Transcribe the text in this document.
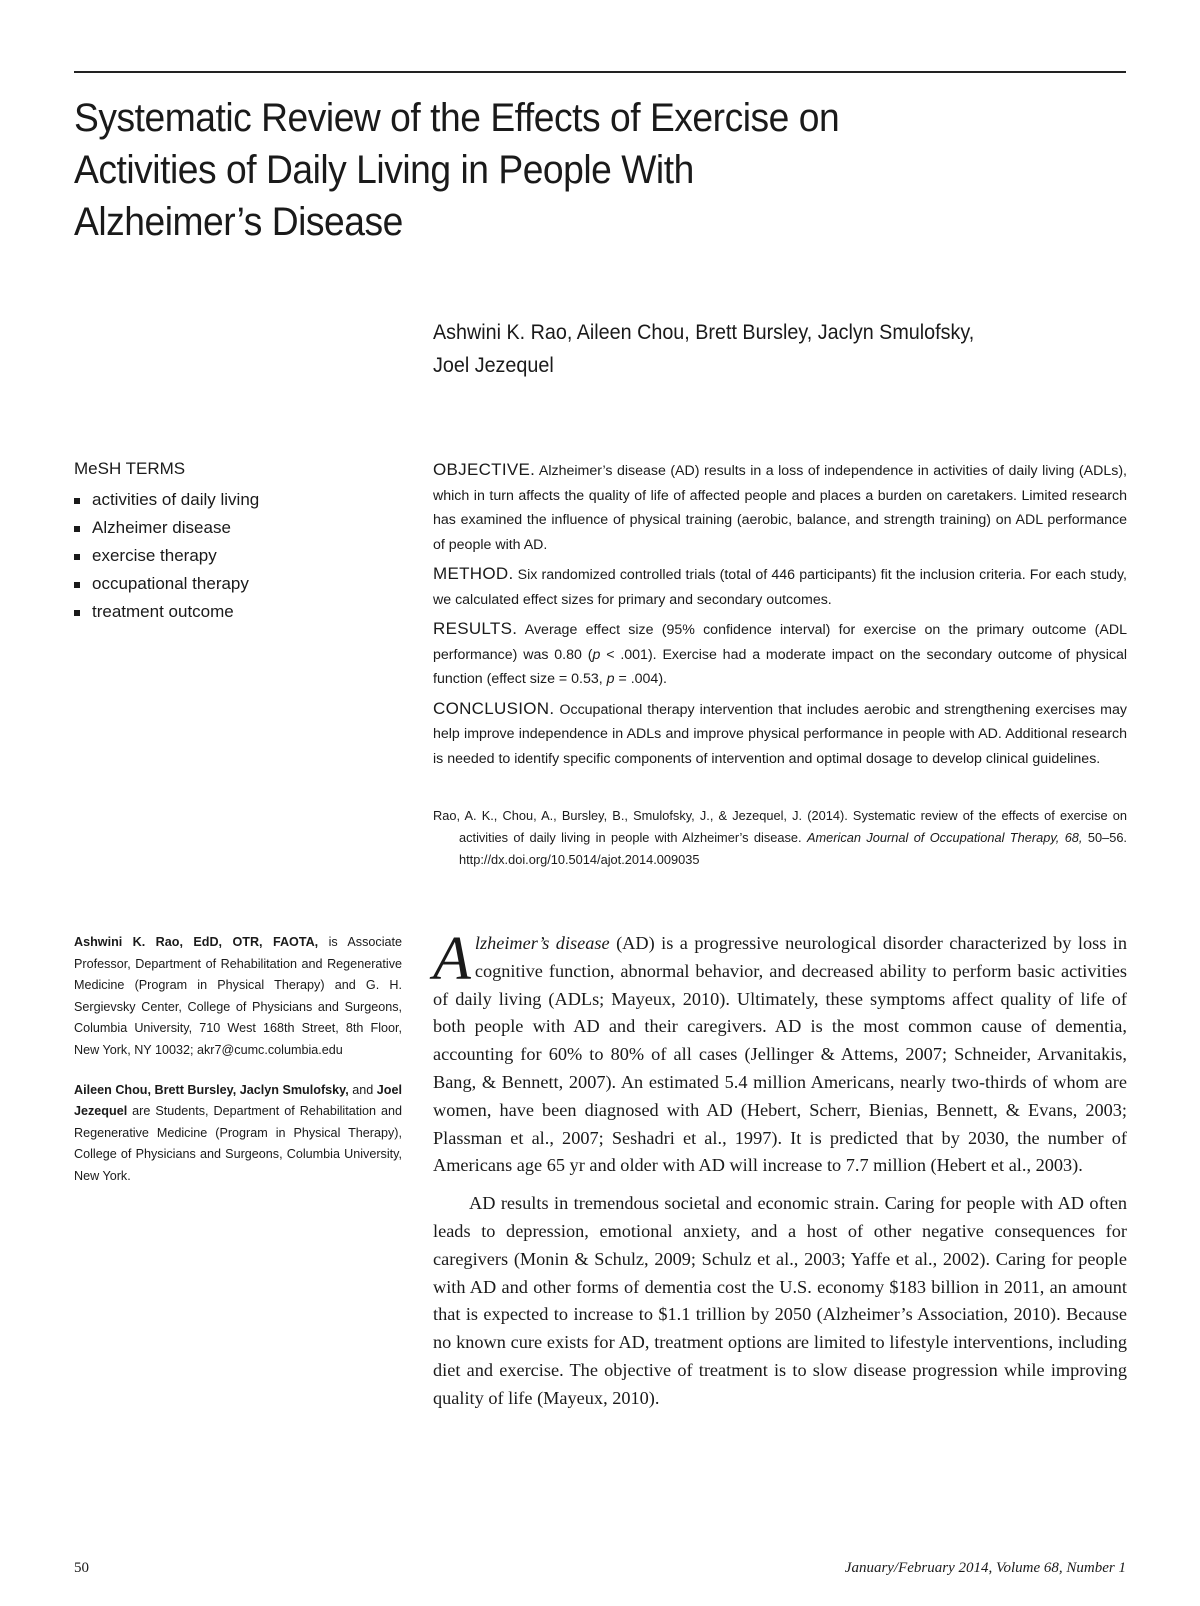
Systematic Review of the Effects of Exercise on
Activities of Daily Living in People With
Alzheimer’s Disease
Ashwini K. Rao, Aileen Chou, Brett Bursley, Jaclyn Smulofsky,
Joel Jezequel
MeSH TERMS
activities of daily living
Alzheimer disease
exercise therapy
occupational therapy
treatment outcome

OBJECTIVE. Alzheimer’s disease (AD) results in a loss of independence in activities of daily living (ADLs), which in turn affects the quality of life of affected people and places a burden on caretakers. Limited research has examined the influence of physical training (aerobic, balance, and strength training) on ADL performance of people with AD.

METHOD. Six randomized controlled trials (total of 446 participants) fit the inclusion criteria. For each study, we calculated effect sizes for primary and secondary outcomes.

RESULTS. Average effect size (95% confidence interval) for exercise on the primary outcome (ADL performance) was 0.80 (p < .001). Exercise had a moderate impact on the secondary outcome of physical function (effect size = 0.53, p = .004).

CONCLUSION. Occupational therapy intervention that includes aerobic and strengthening exercises may help improve independence in ADLs and improve physical performance in people with AD. Additional research is needed to identify specific components of intervention and optimal dosage to develop clinical guidelines.

Rao, A. K., Chou, A., Bursley, B., Smulofsky, J., & Jezequel, J. (2014). Systematic review of the effects of exercise on activities of daily living in people with Alzheimer’s disease. American Journal of Occupational Therapy, 68, 50–56. http://dx.doi.org/10.5014/ajot.2014.009035

Ashwini K. Rao, EdD, OTR, FAOTA, is Associate Professor, Department of Rehabilitation and Regenerative Medicine (Program in Physical Therapy) and G. H. Sergievsky Center, College of Physicians and Surgeons, Columbia University, 710 West 168th Street, 8th Floor, New York, NY 10032; akr7@cumc.columbia.edu

Aileen Chou, Brett Bursley, Jaclyn Smulofsky, and Joel Jezequel are Students, Department of Rehabilitation and Regenerative Medicine (Program in Physical Therapy), College of Physicians and Surgeons, Columbia University, New York.

Alzheimer’s disease (AD) is a progressive neurological disorder characterized by loss in cognitive function, abnormal behavior, and decreased ability to perform basic activities of daily living (ADLs; Mayeux, 2010). Ultimately, these symptoms affect quality of life of both people with AD and their caregivers. AD is the most common cause of dementia, accounting for 60% to 80% of all cases (Jellinger & Attems, 2007; Schneider, Arvanitakis, Bang, & Bennett, 2007). An estimated 5.4 million Americans, nearly two-thirds of whom are women, have been diagnosed with AD (Hebert, Scherr, Bienias, Bennett, & Evans, 2003; Plassman et al., 2007; Seshadri et al., 1997). It is predicted that by 2030, the number of Americans age 65 yr and older with AD will increase to 7.7 million (Hebert et al., 2003).

AD results in tremendous societal and economic strain. Caring for people with AD often leads to depression, emotional anxiety, and a host of other negative consequences for caregivers (Monin & Schulz, 2009; Schulz et al., 2003; Yaffe et al., 2002). Caring for people with AD and other forms of dementia cost the U.S. economy $183 billion in 2011, an amount that is expected to increase to $1.1 trillion by 2050 (Alzheimer’s Association, 2010). Because no known cure exists for AD, treatment options are limited to lifestyle interventions, including diet and exercise. The objective of treatment is to slow disease progression while improving quality of life (Mayeux, 2010).

50	January/February 2014, Volume 68, Number 1
